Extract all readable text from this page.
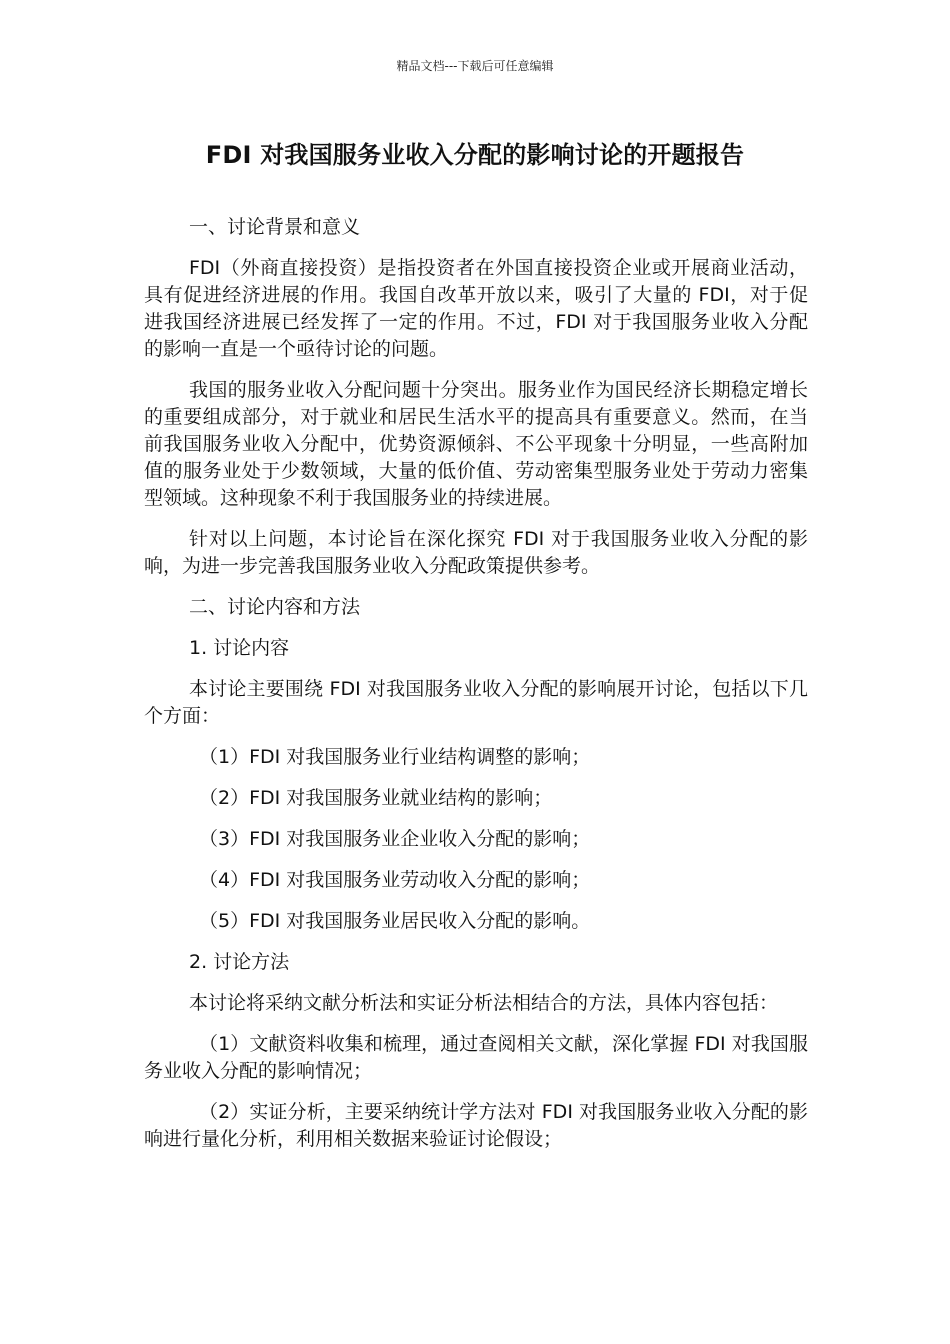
精品文档---下载后可任意编辑
FDI 对我国服务业收入分配的影响讨论的开题报告

一、讨论背景和意义

FDI（外商直接投资）是指投资者在外国直接投资企业或开展商业活动，具有促进经济进展的作用。我国自改革开放以来，吸引了大量的 FDI，对于促进我国经济进展已经发挥了一定的作用。不过，FDI 对于我国服务业收入分配的影响一直是一个亟待讨论的问题。

我国的服务业收入分配问题十分突出。服务业作为国民经济长期稳定增长的重要组成部分，对于就业和居民生活水平的提高具有重要意义。然而，在当前我国服务业收入分配中，优势资源倾斜、不公平现象十分明显，一些高附加值的服务业处于少数领域，大量的低价值、劳动密集型服务业处于劳动力密集型领域。这种现象不利于我国服务业的持续进展。

针对以上问题，本讨论旨在深化探究 FDI 对于我国服务业收入分配的影响，为进一步完善我国服务业收入分配政策提供参考。

二、讨论内容和方法

1. 讨论内容

本讨论主要围绕 FDI 对我国服务业收入分配的影响展开讨论，包括以下几个方面：

（1）FDI 对我国服务业行业结构调整的影响；

（2）FDI 对我国服务业就业结构的影响；

（3）FDI 对我国服务业企业收入分配的影响；

（4）FDI 对我国服务业劳动收入分配的影响；

（5）FDI 对我国服务业居民收入分配的影响。

2. 讨论方法

本讨论将采纳文献分析法和实证分析法相结合的方法，具体内容包括：

（1）文献资料收集和梳理，通过查阅相关文献，深化掌握 FDI 对我国服务业收入分配的影响情况；

（2）实证分析，主要采纳统计学方法对 FDI 对我国服务业收入分配的影响进行量化分析，利用相关数据来验证讨论假设；
